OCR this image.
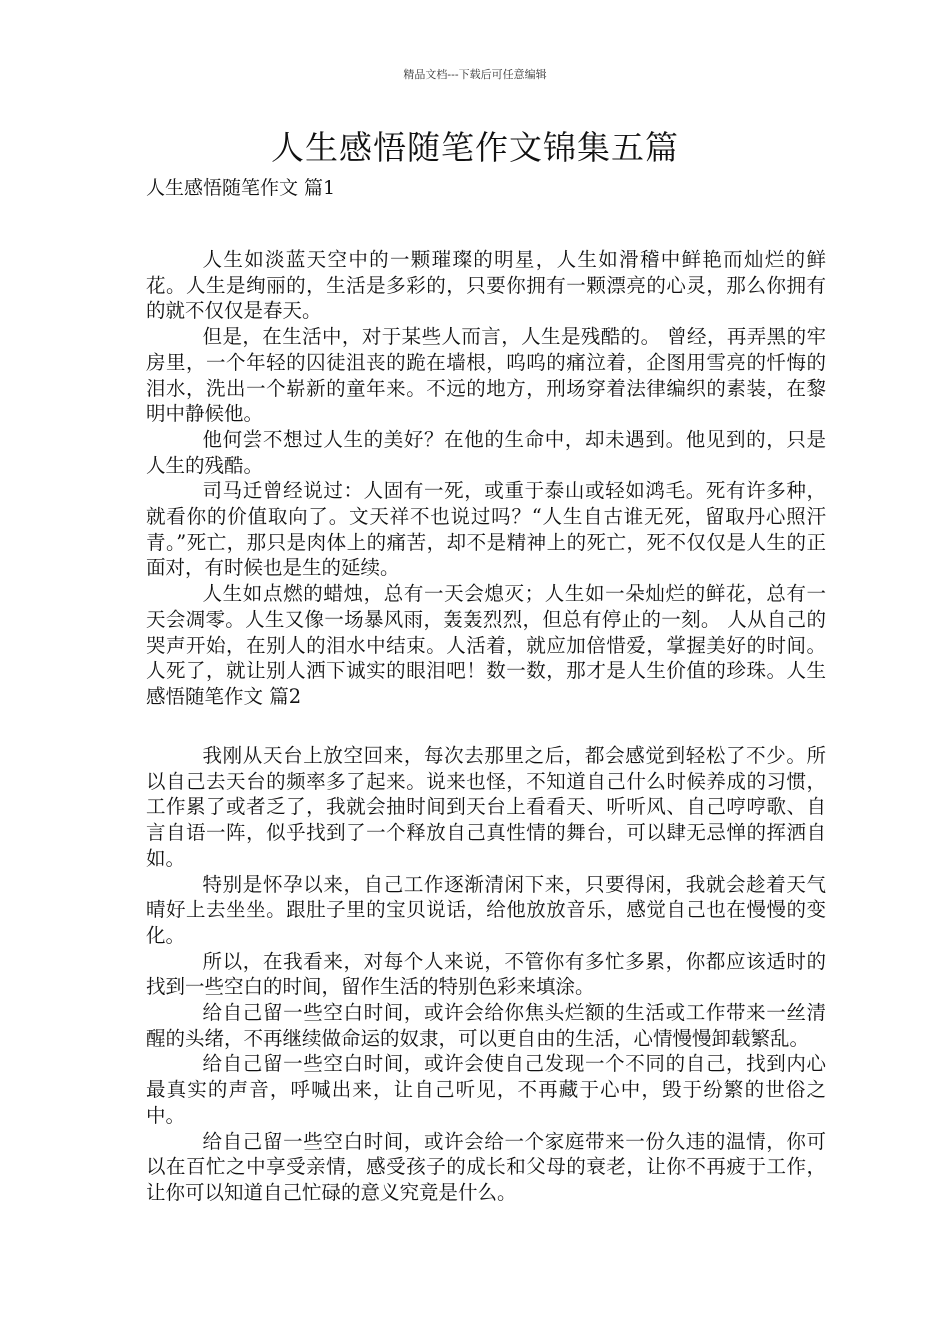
精品文档---下载后可任意编辑
人生感悟随笔作文锦集五篇
人生感悟随笔作文 篇1

人生如淡蓝天空中的一颗璀璨的明星，人生如滑稽中鲜艳而灿烂的鲜花。人生是绚丽的，生活是多彩的，只要你拥有一颗漂亮的心灵，那么你拥有的就不仅仅是春天。

但是，在生活中，对于某些人而言，人生是残酷的。 曾经，再弄黑的牢房里，一个年轻的囚徒沮丧的跪在墙根，呜呜的痛泣着，企图用雪亮的忏悔的泪水，洗出一个崭新的童年来。不远的地方，刑场穿着法律编织的素装，在黎明中静候他。

他何尝不想过人生的美好？在他的生命中，却未遇到。他见到的，只是人生的残酷。

司马迁曾经说过：人固有一死，或重于泰山或轻如鸿毛。死有许多种，就看你的价值取向了。文天祥不也说过吗？“人生自古谁无死，留取丹心照汗青。”死亡，那只是肉体上的痛苦，却不是精神上的死亡，死不仅仅是人生的正面对，有时候也是生的延续。

人生如点燃的蜡烛，总有一天会熄灭；人生如一朵灿烂的鲜花，总有一天会凋零。人生又像一场暴风雨，轰轰烈烈，但总有停止的一刻。 人从自己的哭声开始，在别人的泪水中结束。人活着，就应加倍惜爱，掌握美好的时间。人死了，就让别人洒下诚实的眼泪吧！数一数，那才是人生价值的珍珠。人生感悟随笔作文 篇2

我刚从天台上放空回来，每次去那里之后，都会感觉到轻松了不少。所以自己去天台的频率多了起来。说来也怪，不知道自己什么时候养成的习惯，工作累了或者乏了，我就会抽时间到天台上看看天、听听风、自己哼哼歌、自言自语一阵，似乎找到了一个释放自己真性情的舞台，可以肆无忌惮的挥洒自如。

特别是怀孕以来，自己工作逐渐清闲下来，只要得闲，我就会趁着天气晴好上去坐坐。跟肚子里的宝贝说话，给他放放音乐，感觉自己也在慢慢的变化。

所以，在我看来，对每个人来说，不管你有多忙多累，你都应该适时的找到一些空白的时间，留作生活的特别色彩来填涂。

给自己留一些空白时间，或许会给你焦头烂额的生活或工作带来一丝清醒的头绪，不再继续做命运的奴隶，可以更自由的生活，心情慢慢卸载繁乱。

给自己留一些空白时间，或许会使自己发现一个不同的自己，找到内心最真实的声音，呼喊出来，让自己听见，不再藏于心中，毁于纷繁的世俗之中。

给自己留一些空白时间，或许会给一个家庭带来一份久违的温情，你可以在百忙之中享受亲情，感受孩子的成长和父母的衰老，让你不再疲于工作，让你可以知道自己忙碌的意义究竟是什么。
